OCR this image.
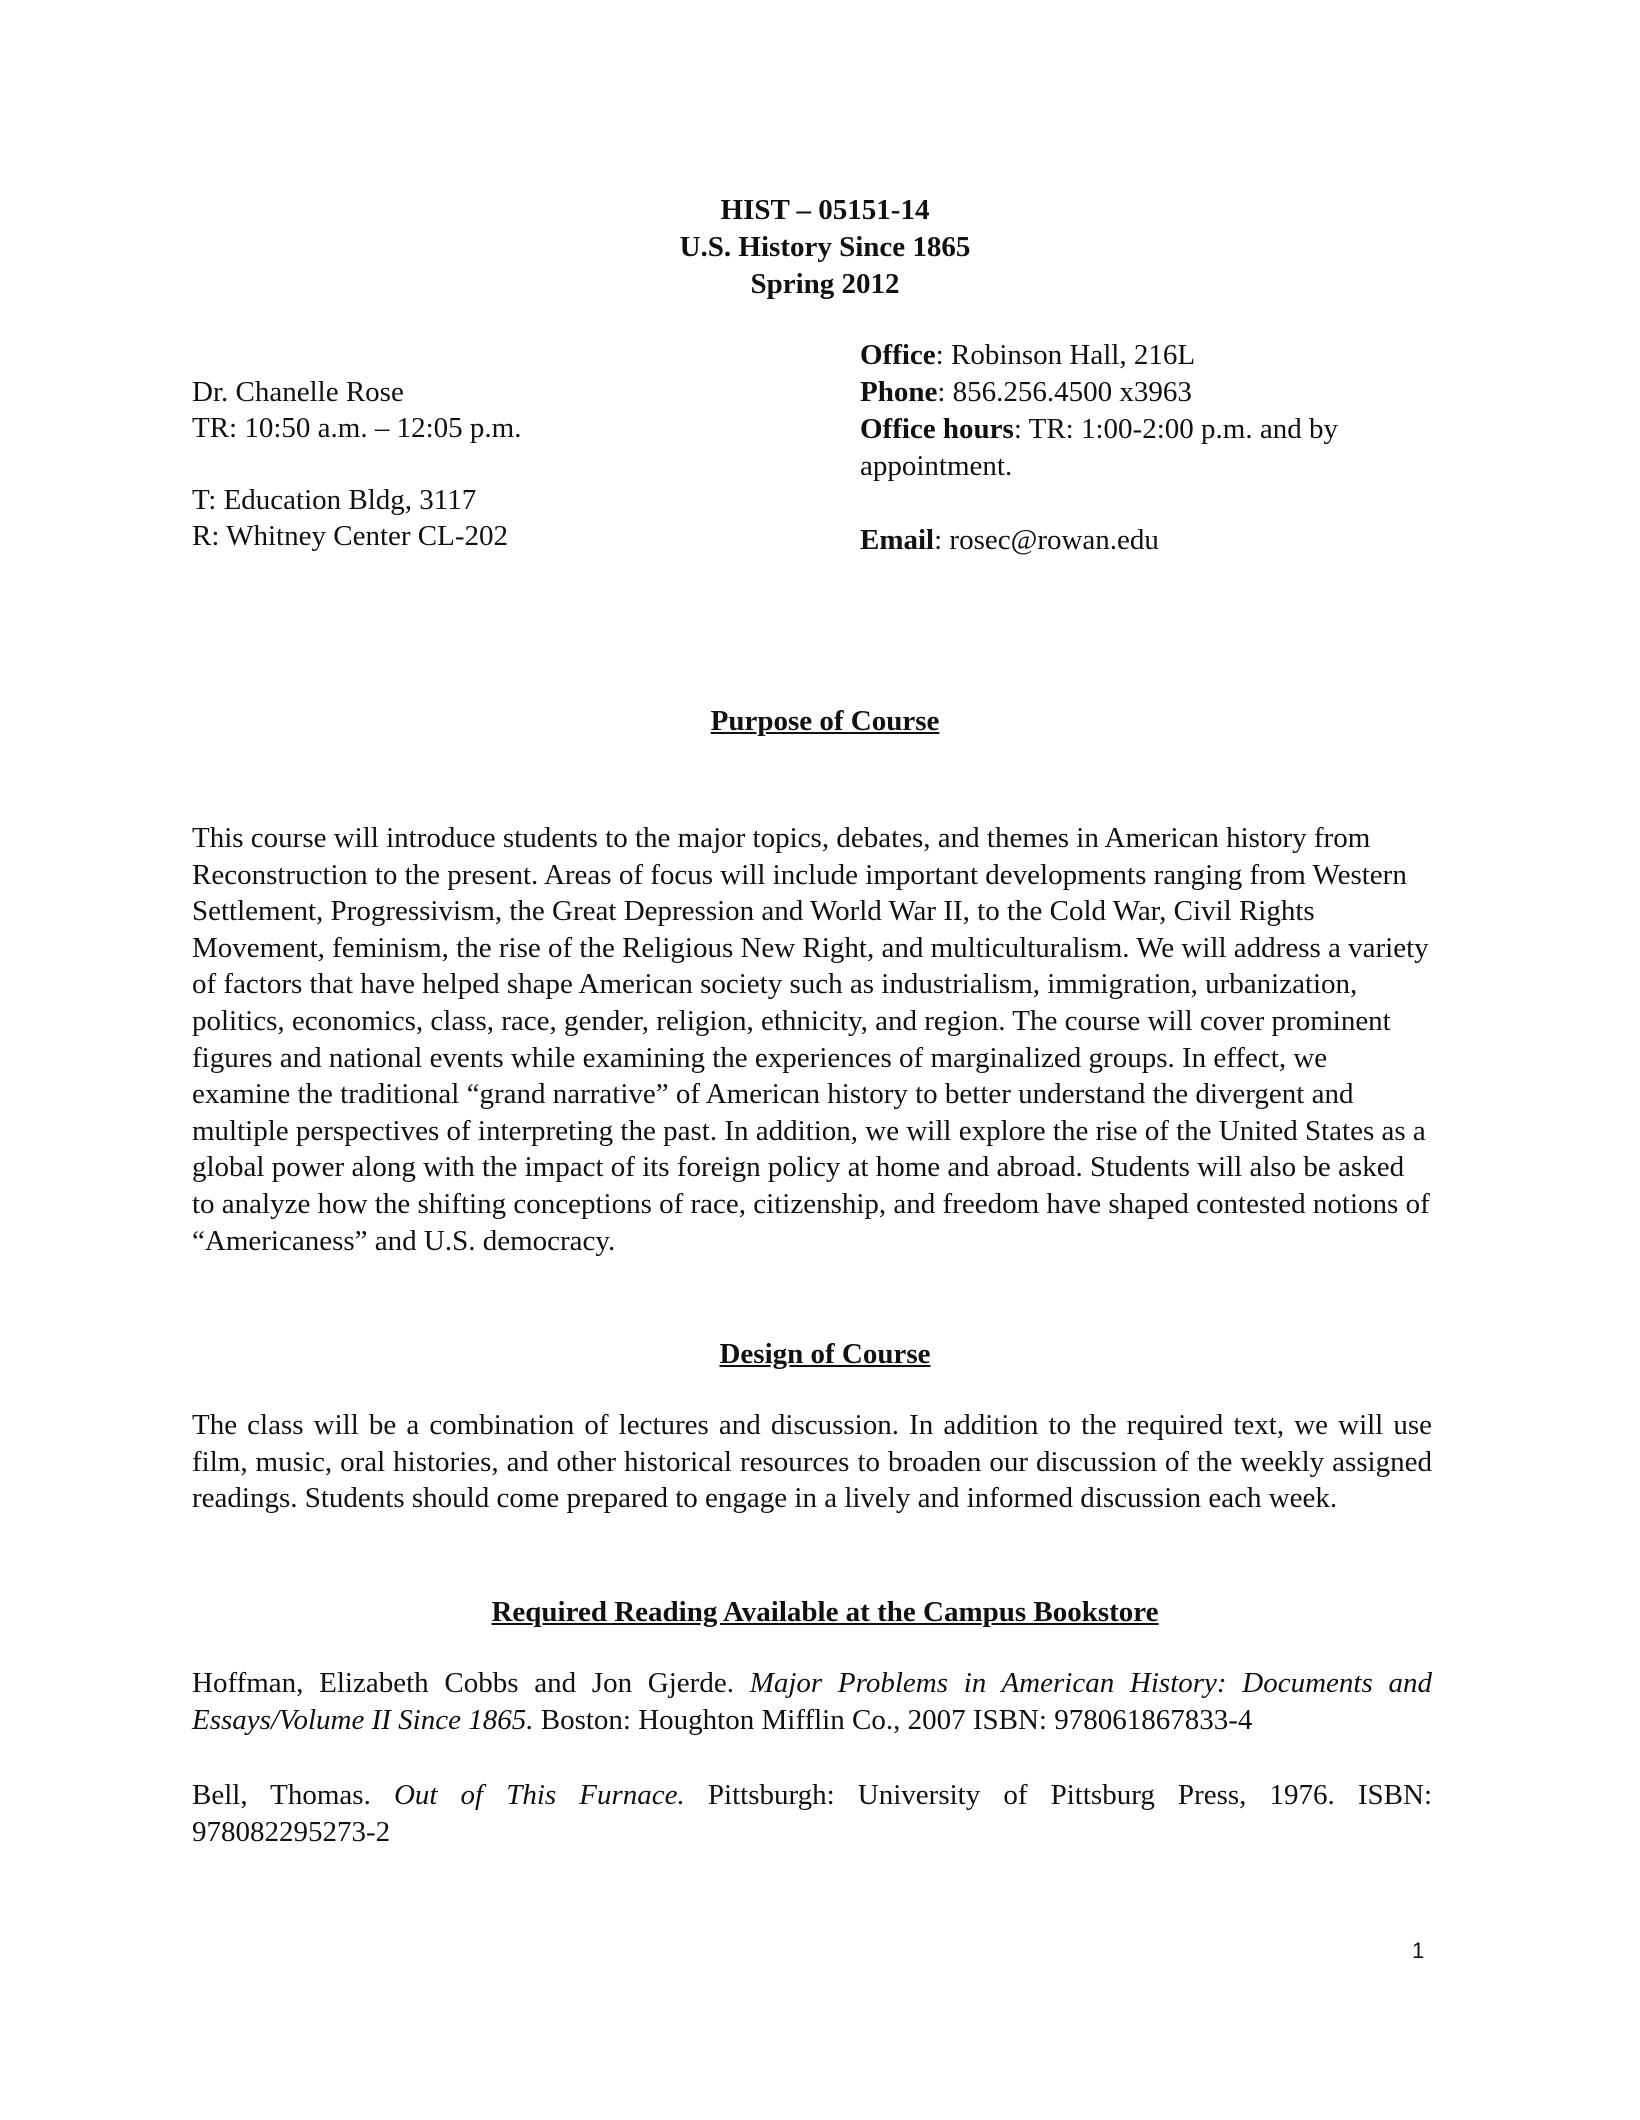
HIST – 05151-14
U.S. History Since 1865
Spring 2012
Dr. Chanelle Rose
TR: 10:50 a.m. – 12:05 p.m.
T: Education Bldg, 3117
R: Whitney Center CL-202
Office: Robinson Hall, 216L
Phone: 856.256.4500 x3963
Office hours: TR: 1:00-2:00 p.m. and by appointment.
Email: rosec@rowan.edu
Purpose of Course
This course will introduce students to the major topics, debates, and themes in American history from Reconstruction to the present. Areas of focus will include important developments ranging from Western Settlement, Progressivism, the Great Depression and World War II, to the Cold War, Civil Rights Movement, feminism, the rise of the Religious New Right, and multiculturalism. We will address a variety of factors that have helped shape American society such as industrialism, immigration, urbanization, politics, economics, class, race, gender, religion, ethnicity, and region. The course will cover prominent figures and national events while examining the experiences of marginalized groups. In effect, we examine the traditional “grand narrative” of American history to better understand the divergent and multiple perspectives of interpreting the past. In addition, we will explore the rise of the United States as a global power along with the impact of its foreign policy at home and abroad. Students will also be asked to analyze how the shifting conceptions of race, citizenship, and freedom have shaped contested notions of “Americaness” and U.S. democracy.
Design of Course
The class will be a combination of lectures and discussion. In addition to the required text, we will use film, music, oral histories, and other historical resources to broaden our discussion of the weekly assigned readings. Students should come prepared to engage in a lively and informed discussion each week.
Required Reading Available at the Campus Bookstore
Hoffman, Elizabeth Cobbs and Jon Gjerde. Major Problems in American History: Documents and Essays/Volume II Since 1865. Boston: Houghton Mifflin Co., 2007 ISBN: 978061867833-4
Bell, Thomas. Out of This Furnace. Pittsburgh: University of Pittsburg Press, 1976. ISBN: 978082295273-2
1
